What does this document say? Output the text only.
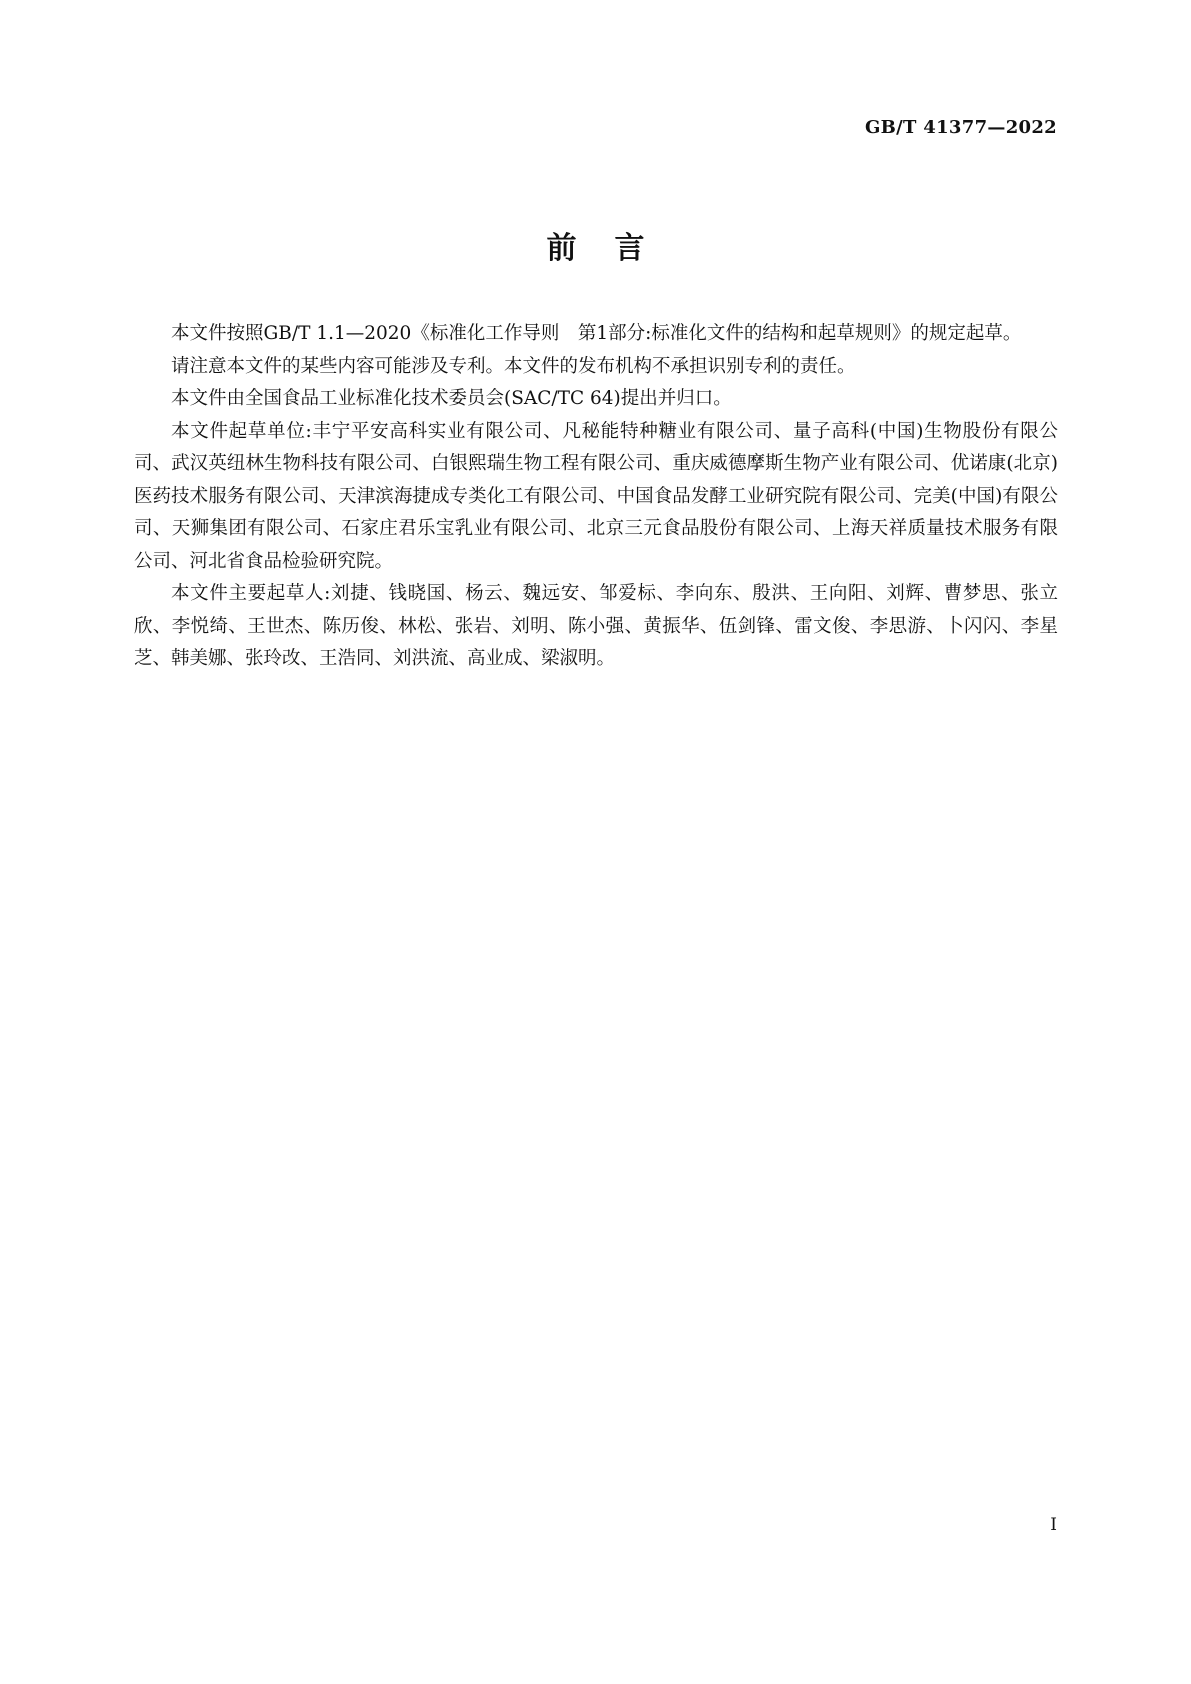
GB/T 41377—2022
前言

本文件按照GB/T 1.1—2020《标准化工作导则　第1部分:标准化文件的结构和起草规则》的规定起草。

请注意本文件的某些内容可能涉及专利。本文件的发布机构不承担识别专利的责任。

本文件由全国食品工业标准化技术委员会(SAC/TC 64)提出并归口。

本文件起草单位:丰宁平安高科实业有限公司、凡秘能特种糖业有限公司、量子高科(中国)生物股份有限公司、武汉英纽林生物科技有限公司、白银熙瑞生物工程有限公司、重庆威德摩斯生物产业有限公司、优诺康(北京)医药技术服务有限公司、天津滨海捷成专类化工有限公司、中国食品发酵工业研究院有限公司、完美(中国)有限公司、天狮集团有限公司、石家庄君乐宝乳业有限公司、北京三元食品股份有限公司、上海天祥质量技术服务有限公司、河北省食品检验研究院。

本文件主要起草人:刘捷、钱晓国、杨云、魏远安、邹爱标、李向东、殷洪、王向阳、刘辉、曹梦思、张立欣、李悦绮、王世杰、陈历俊、林松、张岩、刘明、陈小强、黄振华、伍剑锋、雷文俊、李思游、卜闪闪、李星芝、韩美娜、张玲改、王浩同、刘洪流、高业成、梁淑明。

I
